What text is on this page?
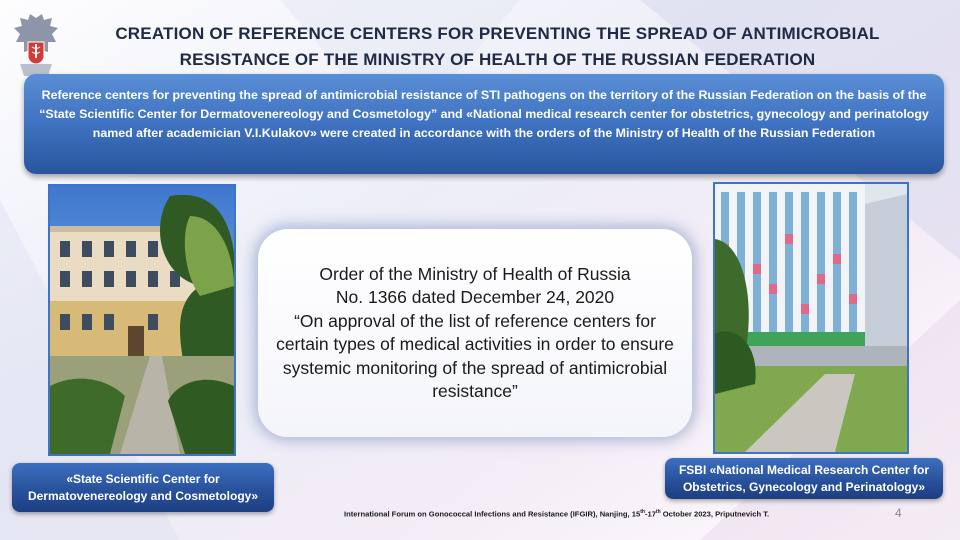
CREATION OF REFERENCE CENTERS FOR PREVENTING THE SPREAD OF ANTIMICROBIAL
RESISTANCE OF THE MINISTRY OF HEALTH OF THE RUSSIAN FEDERATION
Reference centers for preventing the spread of antimicrobial resistance of STI pathogens on the territory of the Russian Federation on the basis of the “State Scientific Center for Dermatovenereology and Cosmetology” and «National medical research center for obstetrics, gynecology and perinatology named after academician V.I.Kulakov» were created in accordance with the orders of the Ministry of Health of the Russian Federation
Order of the Ministry of Health of Russia
No. 1366 dated December 24, 2020
“On approval of the list of reference centers for certain types of medical activities in order to ensure systemic monitoring of the spread of antimicrobial resistance”
«State Scientific Center for Dermatovenereology and Cosmetology»
FSBI «National Medical Research Center for Obstetrics, Gynecology and Perinatology»
International Forum on Gonococcal Infections and Resistance (IFGIR), Nanjing, 15th-17th October 2023, Priputnevich T.	4
